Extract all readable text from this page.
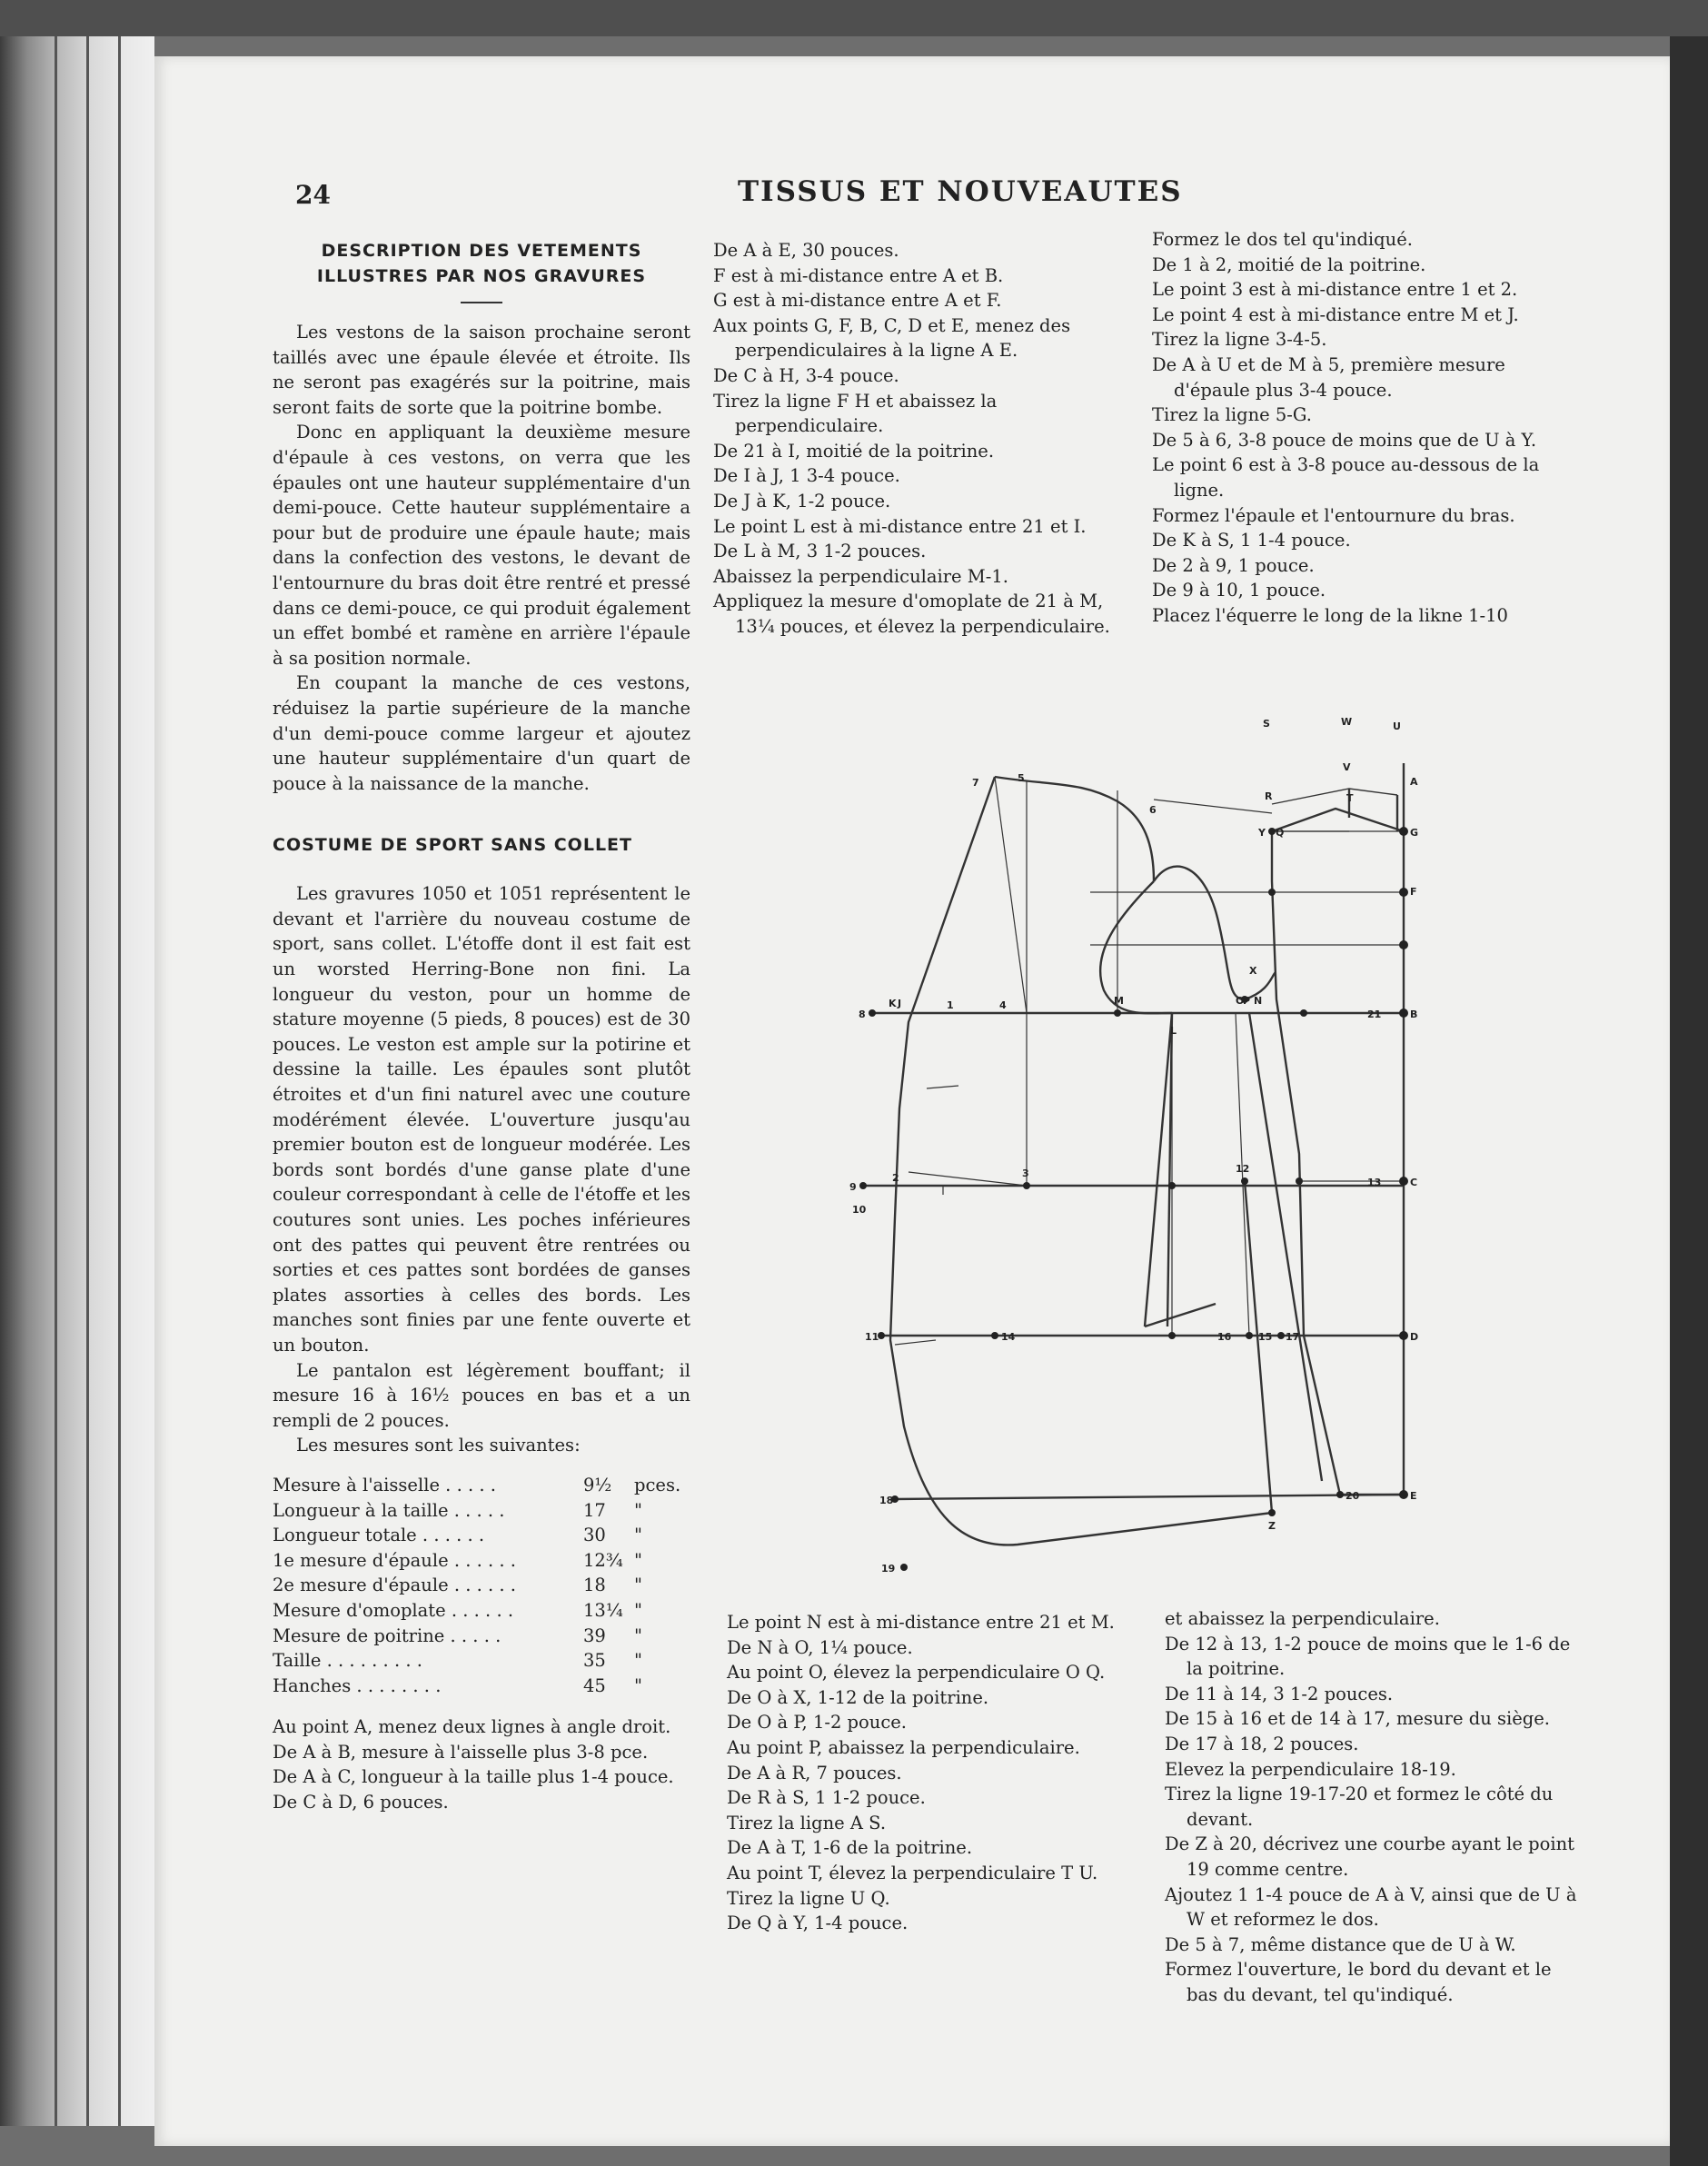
24	TISSUS ET NOUVEAUTES
DESCRIPTION DES VETEMENTS ILLUSTRES PAR NOS GRAVURES

Les vestons de la saison prochaine seront taillés avec une épaule élevée et étroite. Ils ne seront pas exagérés sur la poitrine, mais seront faits de sorte que la poitrine bombe.

Donc en appliquant la deuxième mesure d'épaule à ces vestons, on verra que les épaules ont une hauteur supplémentaire d'un demi-pouce. Cette hauteur supplémentaire a pour but de produire une épaule haute; mais dans la confection des vestons, le devant de l'entournure du bras doit être rentré et pressé dans ce demi-pouce, ce qui produit également un effet bombé et ramène en arrière l'épaule à sa position normale.

En coupant la manche de ces vestons, réduisez la partie supérieure de la manche d'un demi-pouce comme largeur et ajoutez une hauteur supplémentaire d'un quart de pouce à la naissance de la manche.

COSTUME DE SPORT SANS COLLET

Les gravures 1050 et 1051 représentent le devant et l'arrière du nouveau costume de sport, sans collet. L'étoffe dont il est fait est un worsted Herring-Bone non fini. La longueur du veston, pour un homme de stature moyenne (5 pieds, 8 pouces) est de 30 pouces. Le veston est ample sur la potirine et dessine la taille. Les épaules sont plutôt étroites et d'un fini naturel avec une couture modérément élevée. L'ouverture jusqu'au premier bouton est de longueur modérée. Les bords sont bordés d'une ganse plate d'une couleur correspondant à celle de l'étoffe et les coutures sont unies. Les poches inférieures ont des pattes qui peuvent être rentrées ou sorties et ces pattes sont bordées de ganses plates assorties à celles des bords. Les manches sont finies par une fente ouverte et un bouton.

Le pantalon est légèrement bouffant; il mesure 16 à 16½ pouces en bas et a un rempli de 2 pouces.

Les mesures sont les suivantes:

Mesure à l'aisselle . . . . .	9½	pces.
Longueur à la taille . . . . .	17	"
Longueur totale . . . . . .	30	"
1e mesure d'épaule . . . . . .	12¾	"
2e mesure d'épaule . . . . . .	18	"
Mesure d'omoplate . . . . . .	13¼	"
Mesure de poitrine . . . . .	39	"
Taille . . . . . . . . .	35	"
Hanches . . . . . . . .	45	"

Au point A, menez deux lignes à angle droit.

De A à B, mesure à l'aisselle plus 3-8 pce.

De A à C, longueur à la taille plus 1-4 pouce.

De C à D, 6 pouces.

De A à E, 30 pouces.

F est à mi-distance entre A et B.

G est à mi-distance entre A et F.

Aux points G, F, B, C, D et E, menez des perpendiculaires à la ligne A E.

De C à H, 3-4 pouce.

Tirez la ligne F H et abaissez la perpendiculaire.

De 21 à I, moitié de la poitrine.

De I à J, 1 3-4 pouce.

De J à K, 1-2 pouce.

Le point L est à mi-distance entre 21 et I.

De L à M, 3 1-2 pouces.

Abaissez la perpendiculaire M-1.

Appliquez la mesure d'omoplate de 21 à M, 13¼ pouces, et élevez la perpendiculaire.

Formez le dos tel qu'indiqué.

De 1 à 2, moitié de la poitrine.

Le point 3 est à mi-distance entre 1 et 2.

Le point 4 est à mi-distance entre M et J.

Tirez la ligne 3-4-5.

De A à U et de M à 5, première mesure d'épaule plus 3-4 pouce.

Tirez la ligne 5-G.

De 5 à 6, 3-8 pouce de moins que de U à Y.

Le point 6 est à 3-8 pouce au-dessous de la ligne.

Formez l'épaule et l'entournure du bras.

De K à S, 1 1-4 pouce.

De 2 à 9, 1 pouce.

De 9 à 10, 1 pouce.

Placez l'équerre le long de la likne 1-10

S	W	U
V
R	T
A
G
Q
Y
F
X
B
C
D
E
K J	M	O
P N
L
Z
7	5
6
8
1	4
21
9
10
2	3	12
13
11	14	16	15 17
18
19
20

Le point N est à mi-distance entre 21 et M.

De N à O, 1¼ pouce.

Au point O, élevez la perpendiculaire O Q.

De O à X, 1-12 de la poitrine.

De O à P, 1-2 pouce.

Au point P, abaissez la perpendiculaire.

De A à R, 7 pouces.

De R à S, 1 1-2 pouce.

Tirez la ligne A S.

De A à T, 1-6 de la poitrine.

Au point T, élevez la perpendiculaire T U.

Tirez la ligne U Q.

De Q à Y, 1-4 pouce.

et abaissez la perpendiculaire.

De 12 à 13, 1-2 pouce de moins que le 1-6 de la poitrine.

De 11 à 14, 3 1-2 pouces.

De 15 à 16 et de 14 à 17, mesure du siège.

De 17 à 18, 2 pouces.

Elevez la perpendiculaire 18-19.

Tirez la ligne 19-17-20 et formez le côté du devant.

De Z à 20, décrivez une courbe ayant le point 19 comme centre.

Ajoutez 1 1-4 pouce de A à V, ainsi que de U à W et reformez le dos.

De 5 à 7, même distance que de U à W.

Formez l'ouverture, le bord du devant et le bas du devant, tel qu'indiqué.
